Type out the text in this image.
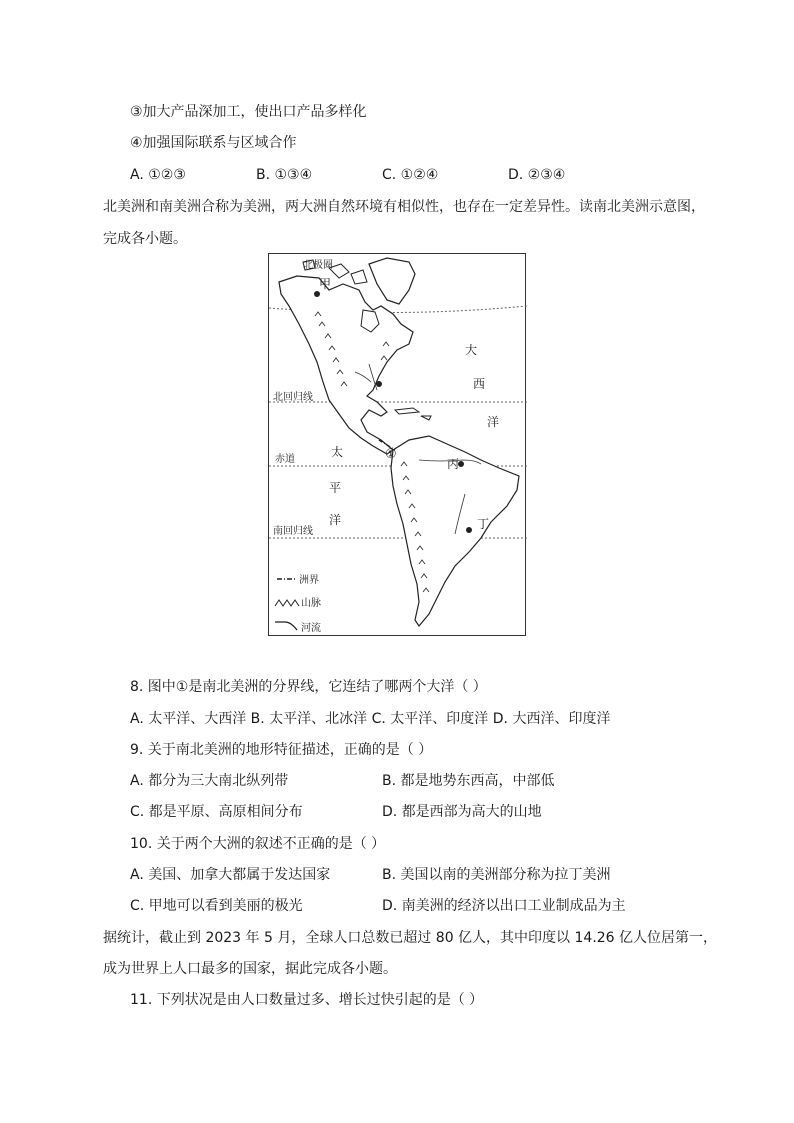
③加大产品深加工，使出口产品多样化
④加强国际联系与区域合作
A. ①②③	B. ①③④	C. ①②④	D. ②③④
北美洲和南美洲合称为美洲，两大洲自然环境有相似性，也存在一定差异性。读南北美洲示意图，
完成各小题。
①
甲
丙
丁
北极圈
北回归线
赤道
南回归线
大
西
洋
太
平
洋
洲界
山脉
河流
8. 图中①是南北美洲的分界线，它连结了哪两个大洋（ ）
A. 太平洋、大西洋 B. 太平洋、北冰洋 C. 太平洋、印度洋 D. 大西洋、印度洋
9. 关于南北美洲的地形特征描述，正确的是（ ）
A. 都分为三大南北纵列带	B. 都是地势东西高，中部低
C. 都是平原、高原相间分布	D. 都是西部为高大的山地
10. 关于两个大洲的叙述不正确的是（ ）
A. 美国、加拿大都属于发达国家	B. 美国以南的美洲部分称为拉丁美洲
C. 甲地可以看到美丽的极光	D. 南美洲的经济以出口工业制成品为主
据统计，截止到 2023 年 5 月，全球人口总数已超过 80 亿人，其中印度以 14.26 亿人位居第一，
成为世界上人口最多的国家，据此完成各小题。
11. 下列状况是由人口数量过多、增长过快引起的是（ ）
